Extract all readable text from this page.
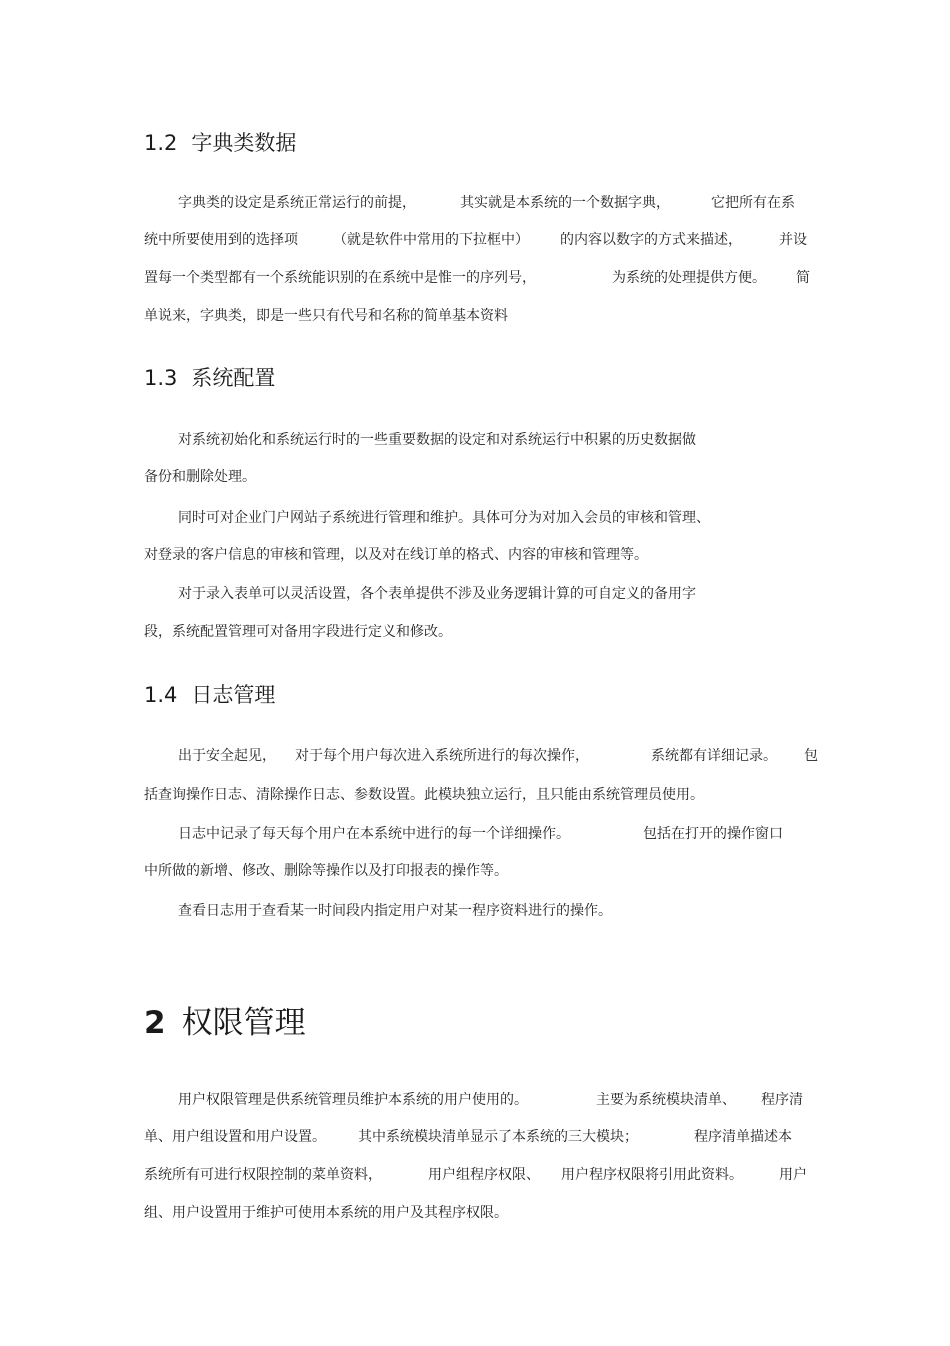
1.2 字典类数据
字典类的设定是系统正常运行的前提，	其实就是本系统的一个数据字典，	它把所有在系
统中所要使用到的选择项	（就是软件中常用的下拉框中） 的内容以数字的方式来描述，	并设
置每一个类型都有一个系统能识别的在系统中是惟一的序列号，	为系统的处理提供方便。 简
单说来，字典类，即是一些只有代号和名称的简单基本资料
1.3 系统配置

对系统初始化和系统运行时的一些重要数据的设定和对系统运行中积累的历史数据做

备份和删除处理。

同时可对企业门户网站子系统进行管理和维护。具体可分为对加入会员的审核和管理、

对登录的客户信息的审核和管理，以及对在线订单的格式、内容的审核和管理等。

对于录入表单可以灵活设置，各个表单提供不涉及业务逻辑计算的可自定义的备用字

段，系统配置管理可对备用字段进行定义和修改。

1.4 日志管理
出于安全起见， 对于每个用户每次进入系统所进行的每次操作，	系统都有详细记录。 包
括查询操作日志、清除操作日志、参数设置。此模块独立运行，且只能由系统管理员使用。
日志中记录了每天每个用户在本系统中进行的每一个详细操作。	包括在打开的操作窗口
中所做的新增、修改、删除等操作以及打印报表的操作等。
查看日志用于查看某一时间段内指定用户对某一程序资料进行的操作。
2 权限管理
用户权限管理是供系统管理员维护本系统的用户使用的。	主要为系统模块清单、 程序清
单、用户组设置和用户设置。 其中系统模块清单显示了本系统的三大模块；	程序清单描述本
系统所有可进行权限控制的菜单资料，	用户组程序权限、 用户程序权限将引用此资料。	用户
组、用户设置用于维护可使用本系统的用户及其程序权限。
